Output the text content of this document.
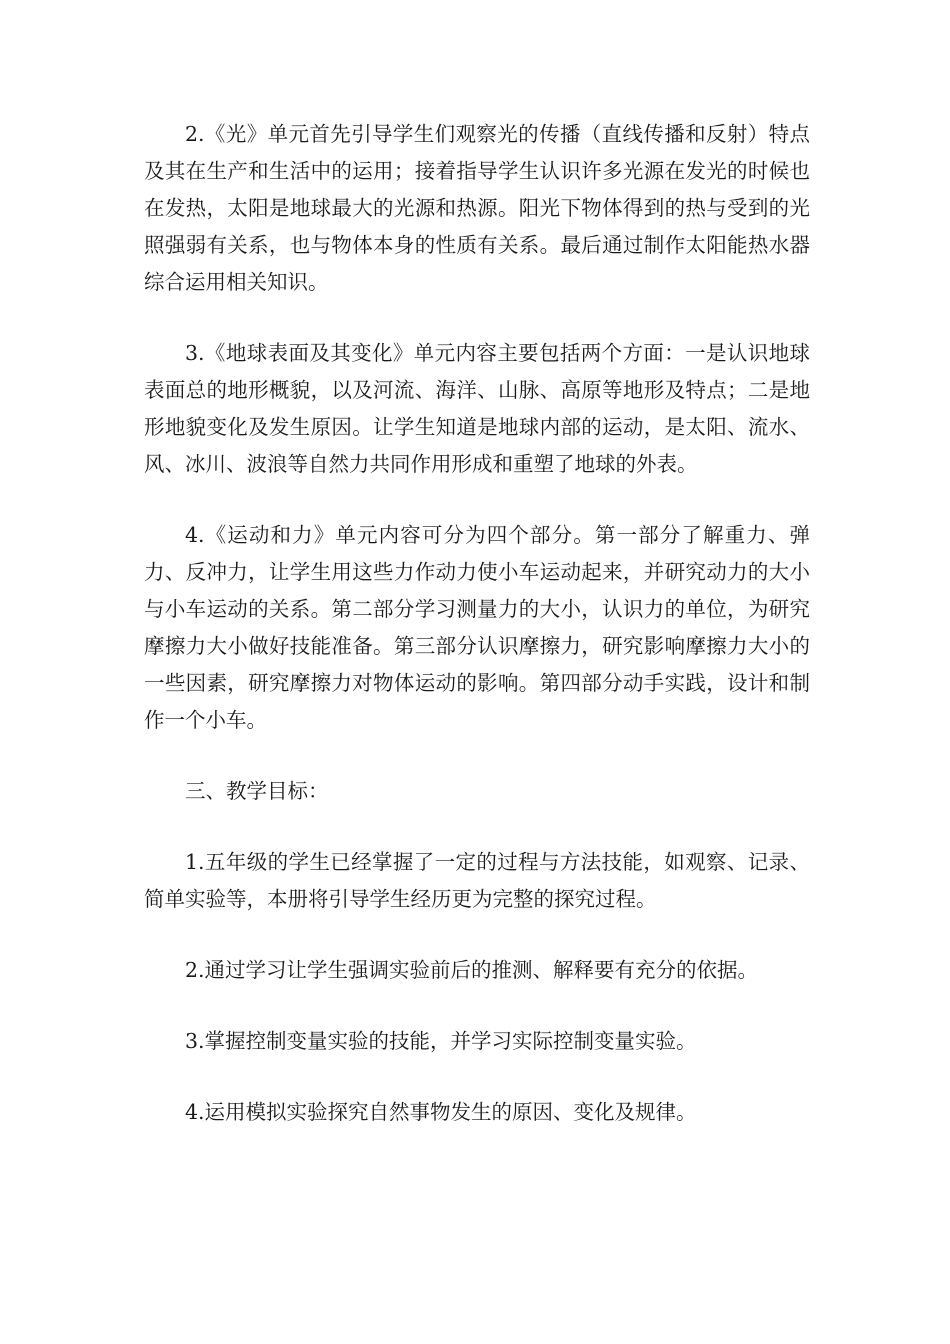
2.《光》单元首先引导学生们观察光的传播（直线传播和反射）特点及其在生产和生活中的运用；接着指导学生认识许多光源在发光的时候也在发热，太阳是地球最大的光源和热源。阳光下物体得到的热与受到的光照强弱有关系，也与物体本身的性质有关系。最后通过制作太阳能热水器综合运用相关知识。

3.《地球表面及其变化》单元内容主要包括两个方面：一是认识地球表面总的地形概貌，以及河流、海洋、山脉、高原等地形及特点；二是地形地貌变化及发生原因。让学生知道是地球内部的运动，是太阳、流水、风、冰川、波浪等自然力共同作用形成和重塑了地球的外表。

4.《运动和力》单元内容可分为四个部分。第一部分了解重力、弹力、反冲力，让学生用这些力作动力使小车运动起来，并研究动力的大小与小车运动的关系。第二部分学习测量力的大小，认识力的单位，为研究摩擦力大小做好技能准备。第三部分认识摩擦力，研究影响摩擦力大小的一些因素，研究摩擦力对物体运动的影响。第四部分动手实践，设计和制作一个小车。

三、教学目标：

1.五年级的学生已经掌握了一定的过程与方法技能，如观察、记录、简单实验等，本册将引导学生经历更为完整的探究过程。

2.通过学习让学生强调实验前后的推测、解释要有充分的依据。

3.掌握控制变量实验的技能，并学习实际控制变量实验。

4.运用模拟实验探究自然事物发生的原因、变化及规律。
